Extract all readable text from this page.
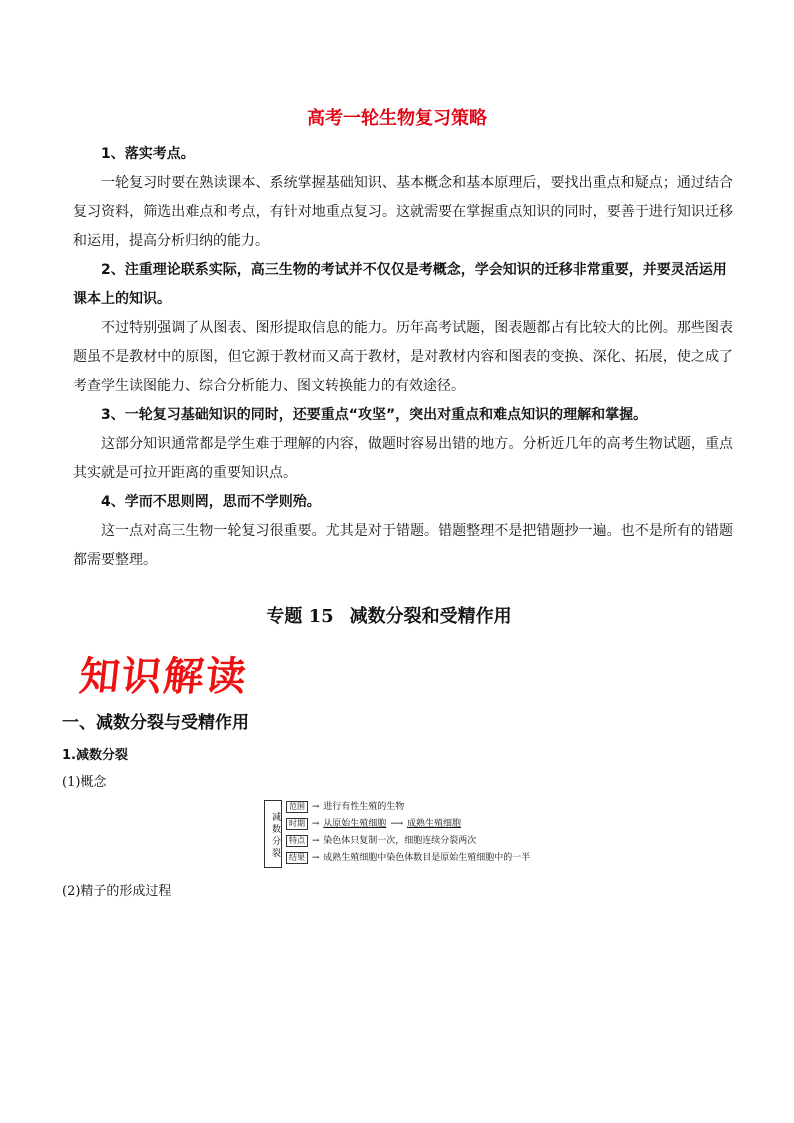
高考一轮生物复习策略

1、落实考点。

一轮复习时要在熟读课本、系统掌握基础知识、基本概念和基本原理后，要找出重点和疑点；通过结合复习资料，筛选出难点和考点，有针对地重点复习。这就需要在掌握重点知识的同时，要善于进行知识迁移和运用，提高分析归纳的能力。

2、注重理论联系实际，高三生物的考试并不仅仅是考概念，学会知识的迁移非常重要，并要灵活运用课本上的知识。

不过特别强调了从图表、图形提取信息的能力。历年高考试题，图表题都占有比较大的比例。那些图表题虽不是教材中的原图，但它源于教材而又高于教材，是对教材内容和图表的变换、深化、拓展，使之成了考查学生读图能力、综合分析能力、图文转换能力的有效途径。

3、一轮复习基础知识的同时，还要重点“攻坚”，突出对重点和难点知识的理解和掌握。

这部分知识通常都是学生难于理解的内容，做题时容易出错的地方。分析近几年的高考生物试题，重点其实就是可拉开距离的重要知识点。

4、学而不思则罔，思而不学则殆。

这一点对高三生物一轮复习很重要。尤其是对于错题。错题整理不是把错题抄一遍。也不是所有的错题都需要整理。

专题 15 减数分裂和受精作用
知识解读
一、减数分裂与受精作用
1.减数分裂

(1)概念

减数分裂
范围 → 进行有性生殖的生物
时期 → 从原始生殖细胞 ⟶ 成熟生殖细胞
特点 → 染色体只复制一次，细胞连续分裂两次
结果 → 成熟生殖细胞中染色体数目是原始生殖细胞中的一半

(2)精子的形成过程
